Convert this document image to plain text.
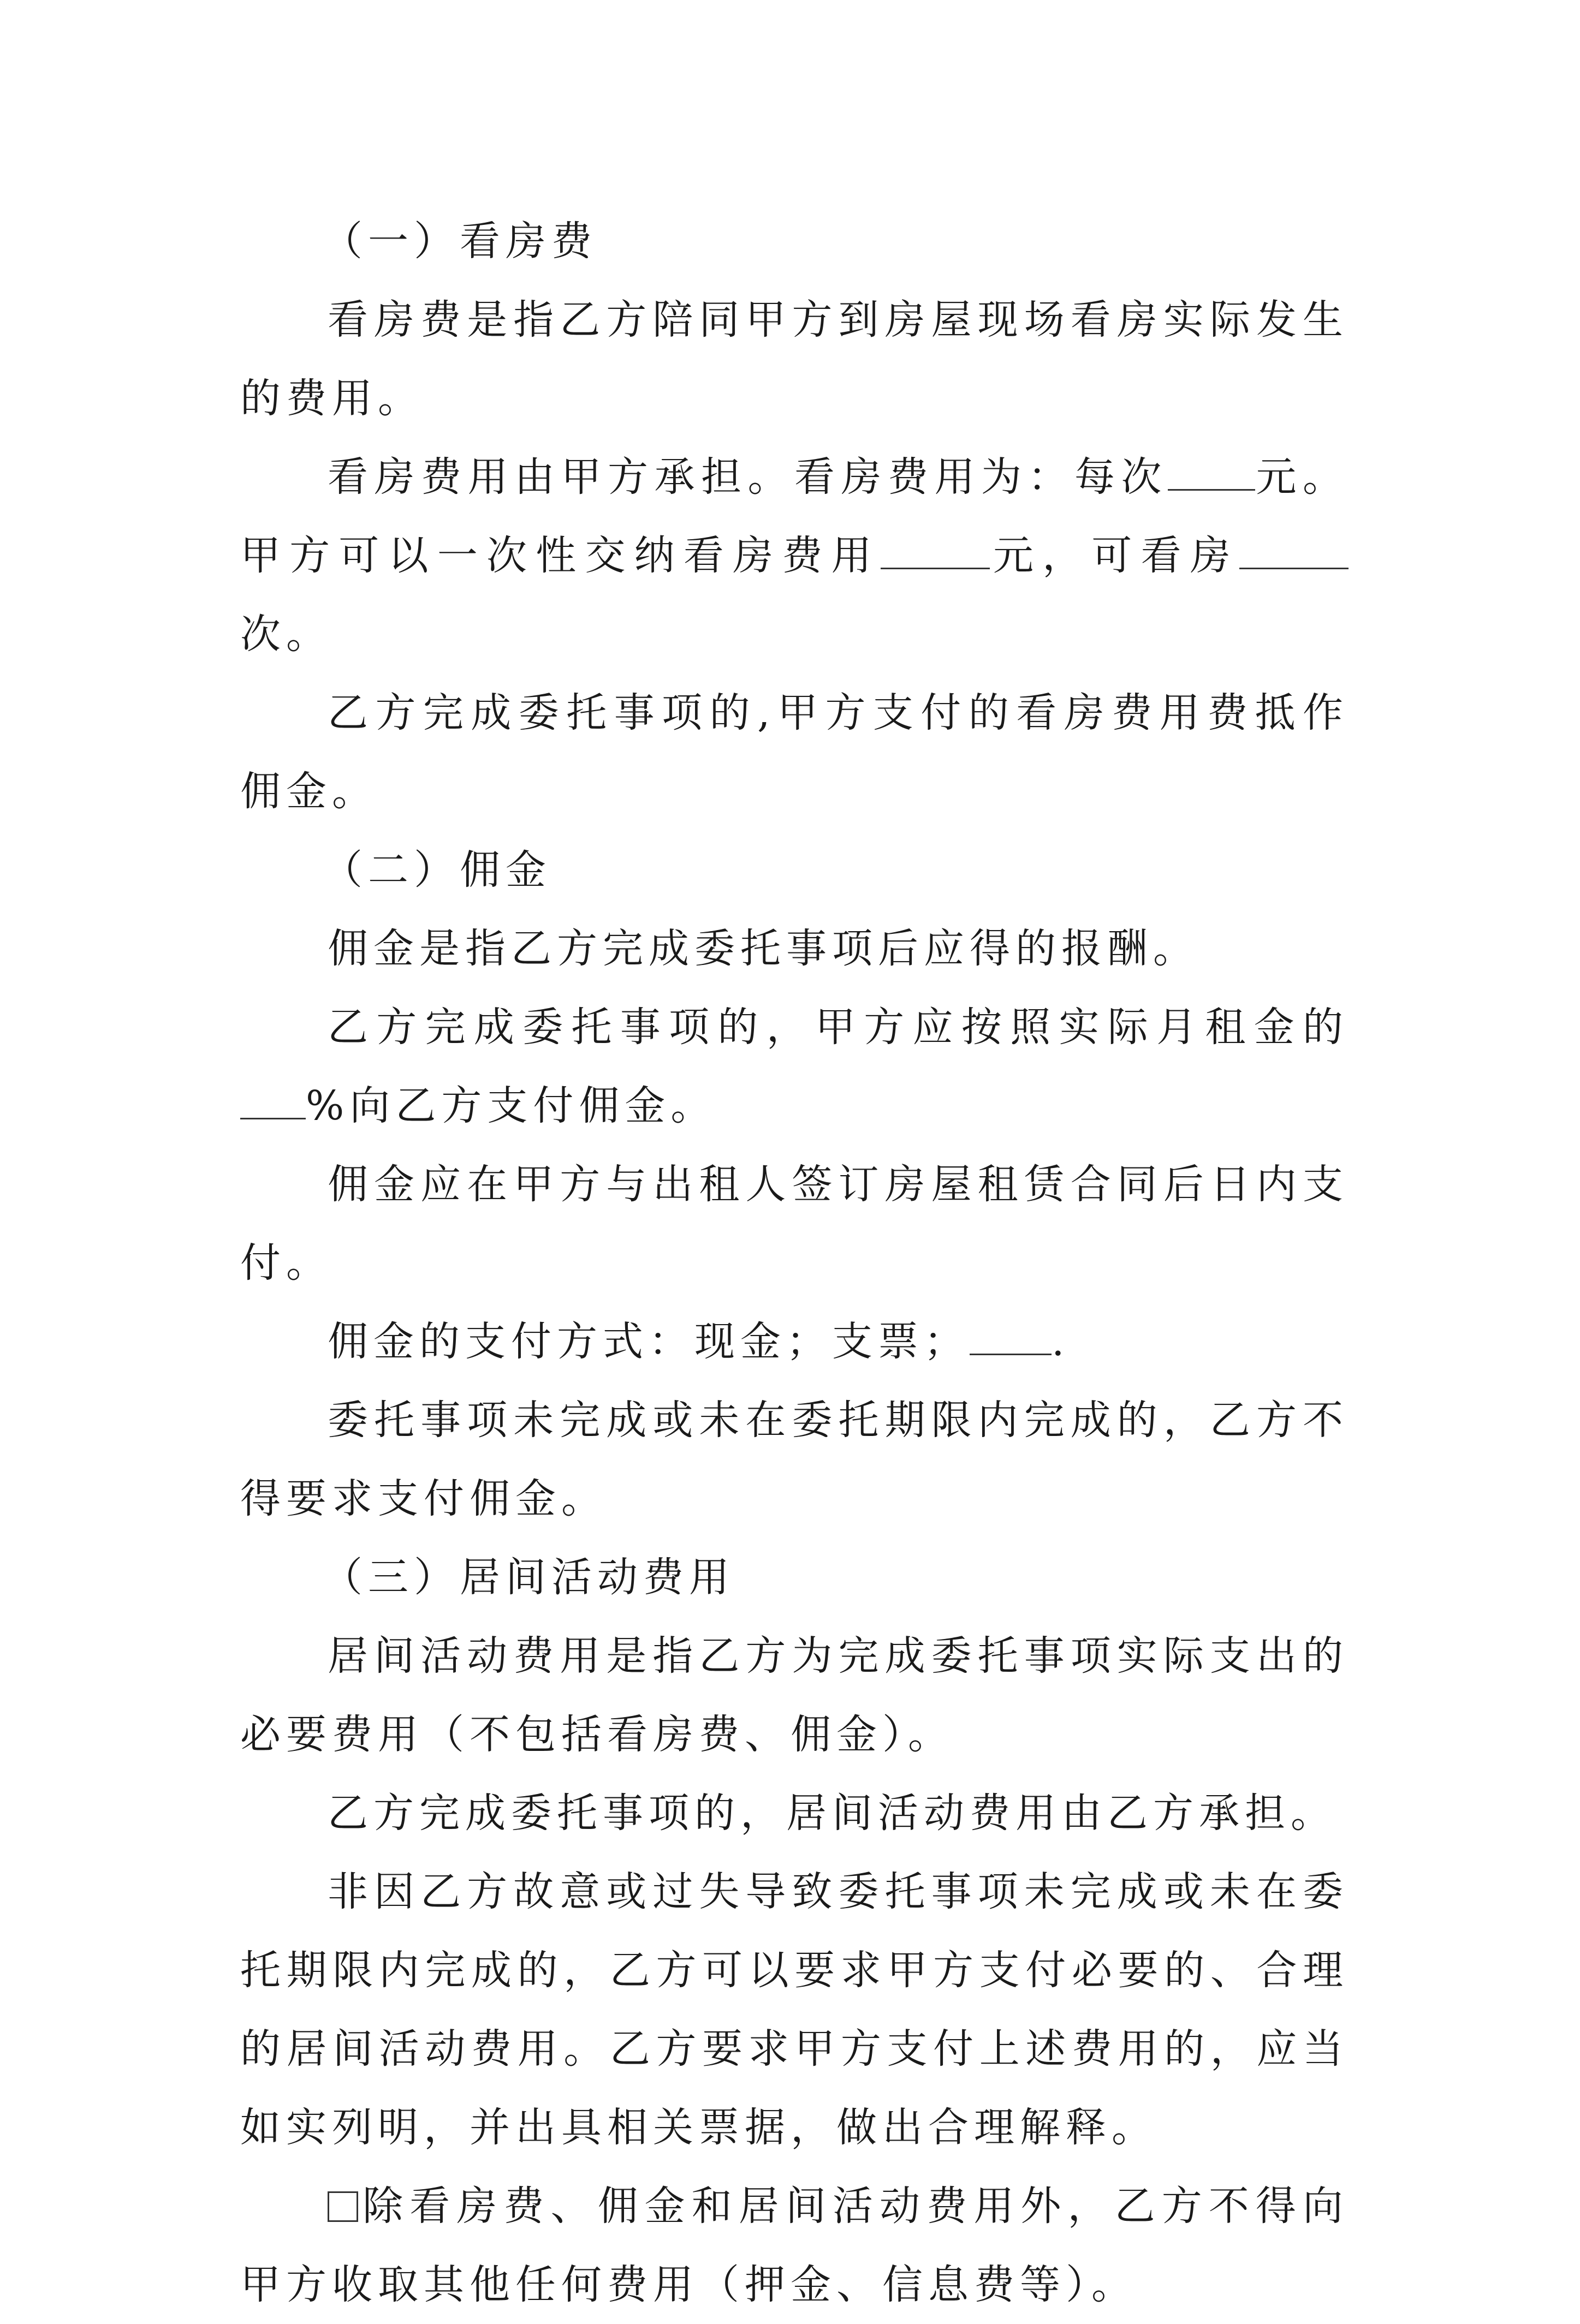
（一）看房费

看房费是指乙方陪同甲方到房屋现场看房实际发生的费用。

看房费用由甲方承担。看房费用为：每次 元。甲方可以一次性交纳看房费用	元，可看房次。

乙方完成委托事项的,甲方支付的看房费用费抵作佣金。

（二）佣金

佣金是指乙方完成委托事项后应得的报酬。

乙方完成委托事项的，甲方应按照实际月租金的%向乙方支付佣金。

佣金应在甲方与出租人签订房屋租赁合同后日内支付。

佣金的支付方式：现金；支票； .

委托事项未完成或未在委托期限内完成的，乙方不得要求支付佣金。

（三）居间活动费用

居间活动费用是指乙方为完成委托事项实际支出的必要费用（不包括看房费、佣金）。

乙方完成委托事项的，居间活动费用由乙方承担。

非因乙方故意或过失导致委托事项未完成或未在委托期限内完成的，乙方可以要求甲方支付必要的、合理的居间活动费用。乙方要求甲方支付上述费用的，应当如实列明，并出具相关票据，做出合理解释。

除看房费、佣金和居间活动费用外，乙方不得向甲方收取其他任何费用（押金、信息费等）。
